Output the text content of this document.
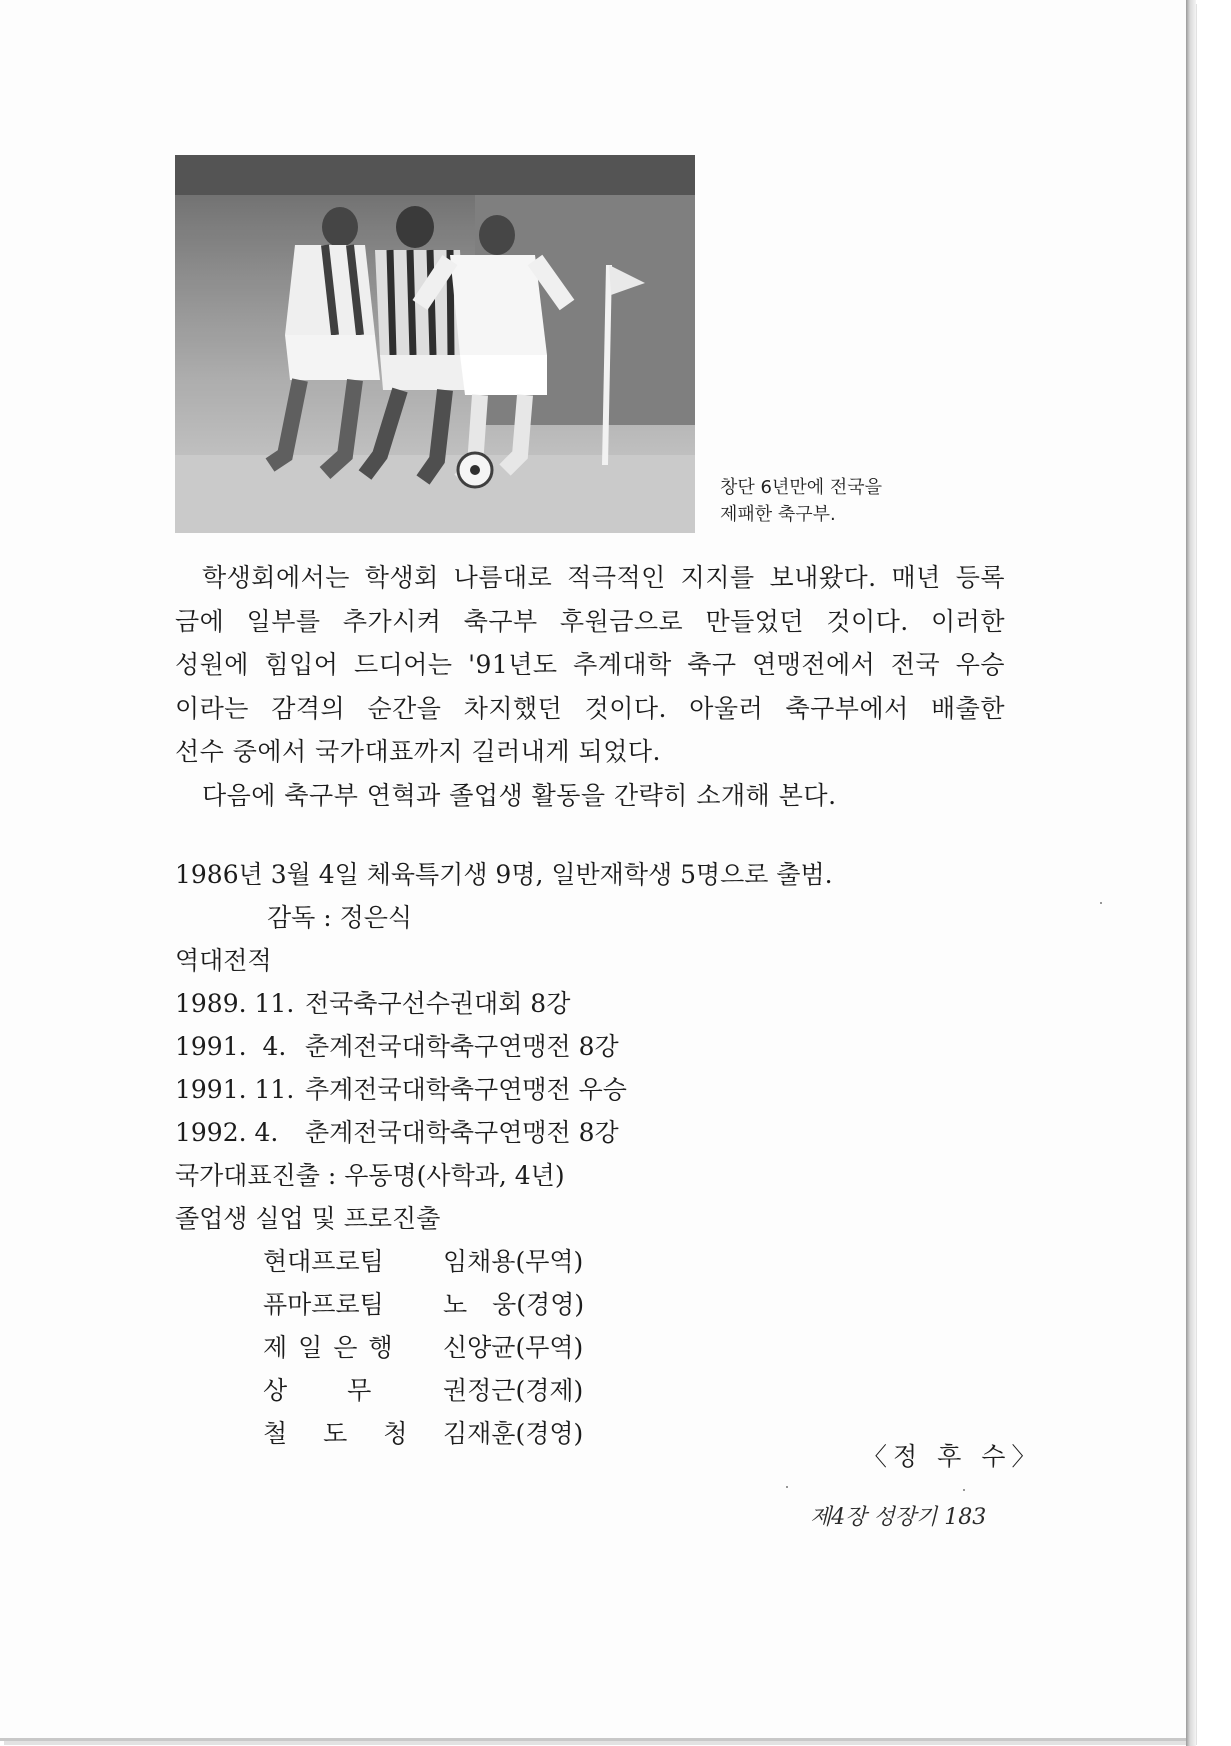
창단 6년만에 전국을
제패한 축구부.

학생회에서는 학생회 나름대로 적극적인 지지를 보내왔다. 매년 등록

금에 일부를 추가시켜 축구부 후원금으로 만들었던 것이다. 이러한

성원에 힘입어 드디어는 '91년도 추계대학 축구 연맹전에서 전국 우승

이라는 감격의 순간을 차지했던 것이다. 아울러 축구부에서 배출한

선수 중에서 국가대표까지 길러내게 되었다.

다음에 축구부 연혁과 졸업생 활동을 간략히 소개해 본다.

1986년 3월 4일 체육특기생 9명, 일반재학생 5명으로 출범.
감독 : 정은식
역대전적
1989. 11. 전국축구선수권대회 8강
1991.  4. 춘계전국대학축구연맹전 8강
1991. 11. 추계전국대학축구연맹전 우승
1992. 4. 춘계전국대학축구연맹전 8강
국가대표진출 : 우동명(사학과, 4년)
졸업생 실업 및 프로진출
현대프로팀	임채용(무역)
퓨마프로팀	노　웅(경영)
제일은행	신양균(무역)
상무 권정근(경제)
철도청 김재훈(경영)
〈정 후 수〉
제4장 성장기 183
